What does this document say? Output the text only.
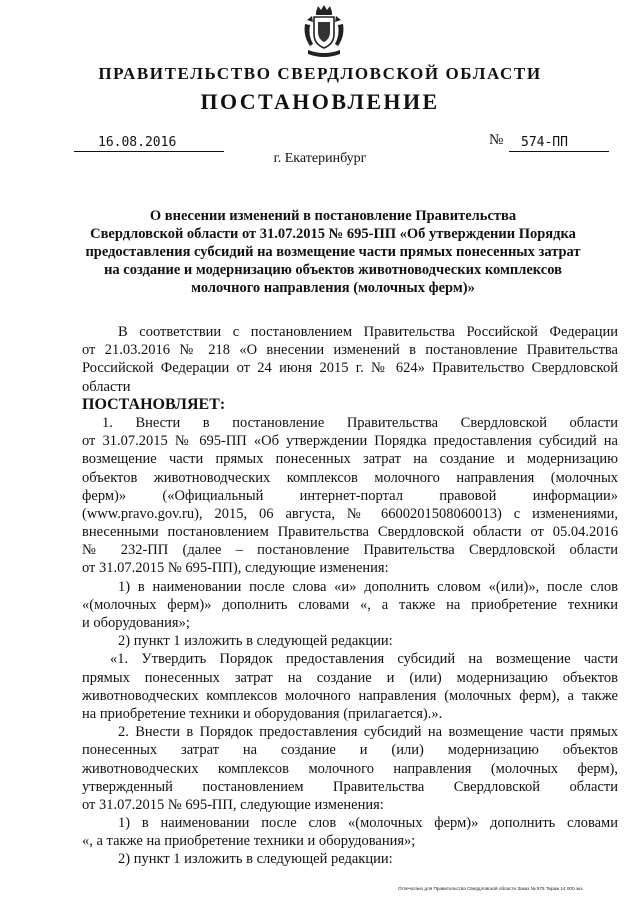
ПРАВИТЕЛЬСТВО СВЕРДЛОВСКОЙ ОБЛАСТИ
ПОСТАНОВЛЕНИЕ
16.08.2016	№	574-ПП
г. Екатеринбург
О внесении изменений в постановление Правительства
Свердловской области от 31.07.2015 № 695-ПП «Об утверждении Порядка
предоставления субсидий на возмещение части прямых понесенных затрат
на создание и модернизацию объектов животноводческих комплексов
молочного направления (молочных ферм)»
В соответствии с постановлением Правительства Российской Федерации
от 21.03.2016 № 218 «О внесении изменений в постановление Правительства
Российской Федерации от 24 июня 2015 г. № 624» Правительство Свердловской
области
ПОСТАНОВЛЯЕТ:
1. Внести в постановление Правительства Свердловской области
от 31.07.2015 № 695-ПП «Об утверждении Порядка предоставления субсидий на
возмещение части прямых понесенных затрат на создание и модернизацию
объектов животноводческих комплексов молочного направления (молочных
ферм)» («Официальный интернет-портал правовой информации»
(www.pravo.gov.ru), 2015, 06 августа, № 6600201508060013) с изменениями,
внесенными постановлением Правительства Свердловской области от 05.04.2016
№ 232-ПП (далее – постановление Правительства Свердловской области
от 31.07.2015 № 695-ПП), следующие изменения:
1) в наименовании после слова «и» дополнить словом «(или)», после слов
«(молочных ферм)» дополнить словами «, а также на приобретение техники
и оборудования»;
2) пункт 1 изложить в следующей редакции:
«1. Утвердить Порядок предоставления субсидий на возмещение части
прямых понесенных затрат на создание и (или) модернизацию объектов
животноводческих комплексов молочного направления (молочных ферм), а также
на приобретение техники и оборудования (прилагается).».
2. Внести в Порядок предоставления субсидий на возмещение части прямых
понесенных затрат на создание и (или) модернизацию объектов
животноводческих комплексов молочного направления (молочных ферм),
утвержденный постановлением Правительства Свердловской области
от 31.07.2015 № 695-ПП, следующие изменения:
1) в наименовании после слов «(молочных ферм)» дополнить словами
«, а также на приобретение техники и оборудования»;
2) пункт 1 изложить в следующей редакции:
Отпечатано для Правительства Свердловской области Заказ № 575 Тираж 14 000 экз.
